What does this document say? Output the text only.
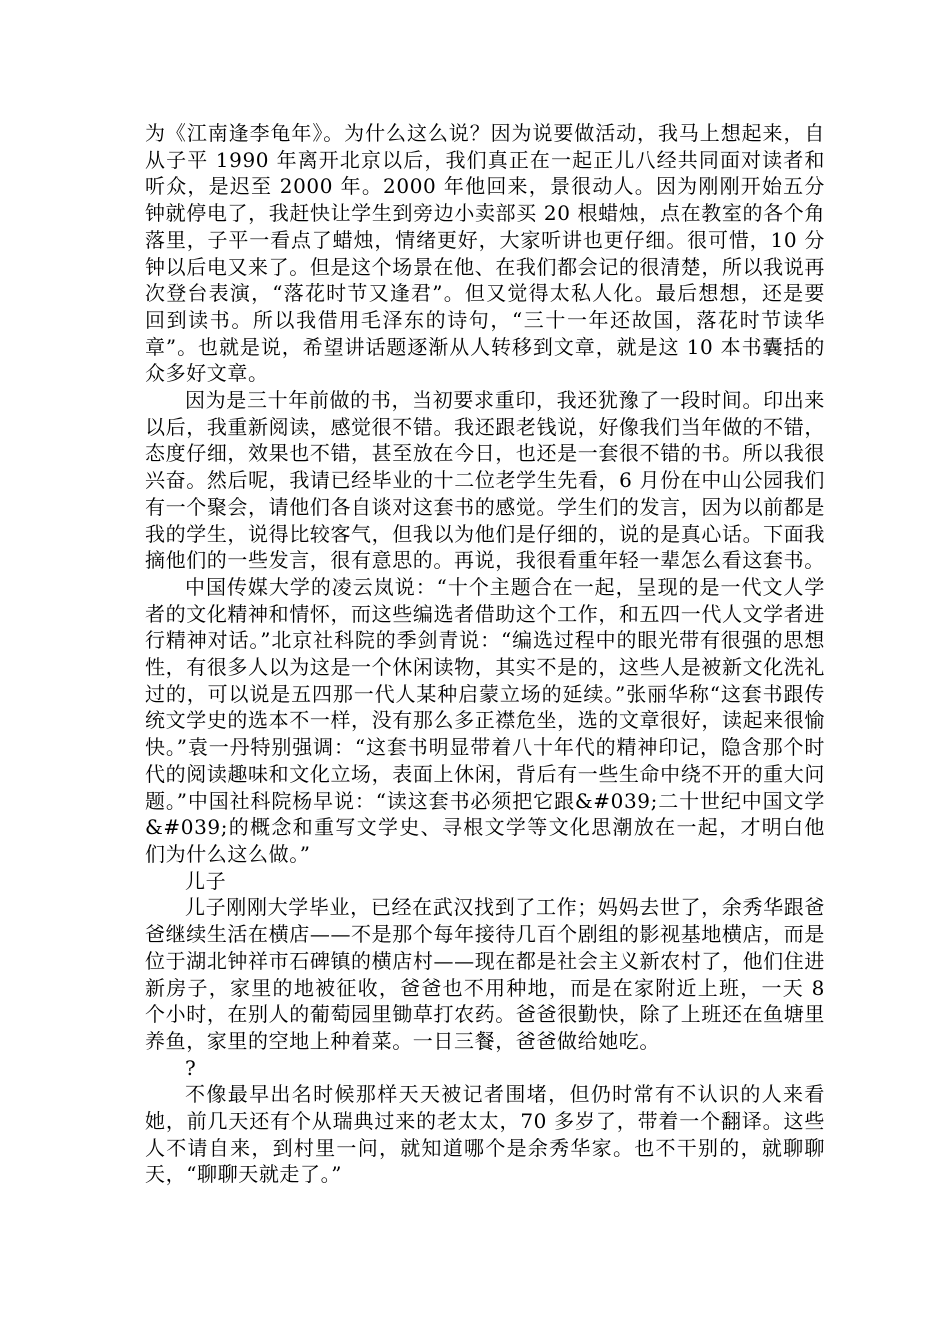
为《江南逢李龟年》。为什么这么说？因为说要做活动，我马上想起来，自从子平 1990 年离开北京以后，我们真正在一起正儿八经共同面对读者和听众，是迟至 2000 年。2000 年他回来，景很动人。因为刚刚开始五分钟就停电了，我赶快让学生到旁边小卖部买 20 根蜡烛，点在教室的各个角落里，子平一看点了蜡烛，情绪更好，大家听讲也更仔细。很可惜，10 分钟以后电又来了。但是这个场景在他、在我们都会记的很清楚，所以我说再次登台表演，“落花时节又逢君”。但又觉得太私人化。最后想想，还是要回到读书。所以我借用毛泽东的诗句，“三十一年还故国，落花时节读华章”。也就是说，希望讲话题逐渐从人转移到文章，就是这 10 本书囊括的众多好文章。

因为是三十年前做的书，当初要求重印，我还犹豫了一段时间。印出来以后，我重新阅读，感觉很不错。我还跟老钱说，好像我们当年做的不错，态度仔细，效果也不错，甚至放在今日，也还是一套很不错的书。所以我很兴奋。然后呢，我请已经毕业的十二位老学生先看，6 月份在中山公园我们有一个聚会，请他们各自谈对这套书的感觉。学生们的发言，因为以前都是我的学生，说得比较客气，但我以为他们是仔细的，说的是真心话。下面我摘他们的一些发言，很有意思的。再说，我很看重年轻一辈怎么看这套书。

中国传媒大学的凌云岚说：“十个主题合在一起，呈现的是一代文人学者的文化精神和情怀，而这些编选者借助这个工作，和五四一代人文学者进行精神对话。”北京社科院的季剑青说：“编选过程中的眼光带有很强的思想性，有很多人以为这是一个休闲读物，其实不是的，这些人是被新文化洗礼过的，可以说是五四那一代人某种启蒙立场的延续。”张丽华称“这套书跟传统文学史的选本不一样，没有那么多正襟危坐，选的文章很好，读起来很愉快。”袁一丹特别强调：“这套书明显带着八十年代的精神印记，隐含那个时代的阅读趣味和文化立场，表面上休闲，背后有一些生命中绕不开的重大问题。”中国社科院杨早说：“读这套书必须把它跟&#039;二十世纪中国文学&#039;的概念和重写文学史、寻根文学等文化思潮放在一起，才明白他们为什么这么做。”

儿子

儿子刚刚大学毕业，已经在武汉找到了工作；妈妈去世了，余秀华跟爸爸继续生活在横店——不是那个每年接待几百个剧组的影视基地横店，而是位于湖北钟祥市石碑镇的横店村——现在都是社会主义新农村了，他们住进新房子，家里的地被征收，爸爸也不用种地，而是在家附近上班，一天 8 个小时，在别人的葡萄园里锄草打农药。爸爸很勤快，除了上班还在鱼塘里养鱼，家里的空地上种着菜。一日三餐，爸爸做给她吃。

?

不像最早出名时候那样天天被记者围堵，但仍时常有不认识的人来看她，前几天还有个从瑞典过来的老太太，70 多岁了，带着一个翻译。这些人不请自来，到村里一问，就知道哪个是余秀华家。也不干别的，就聊聊天，“聊聊天就走了。”
